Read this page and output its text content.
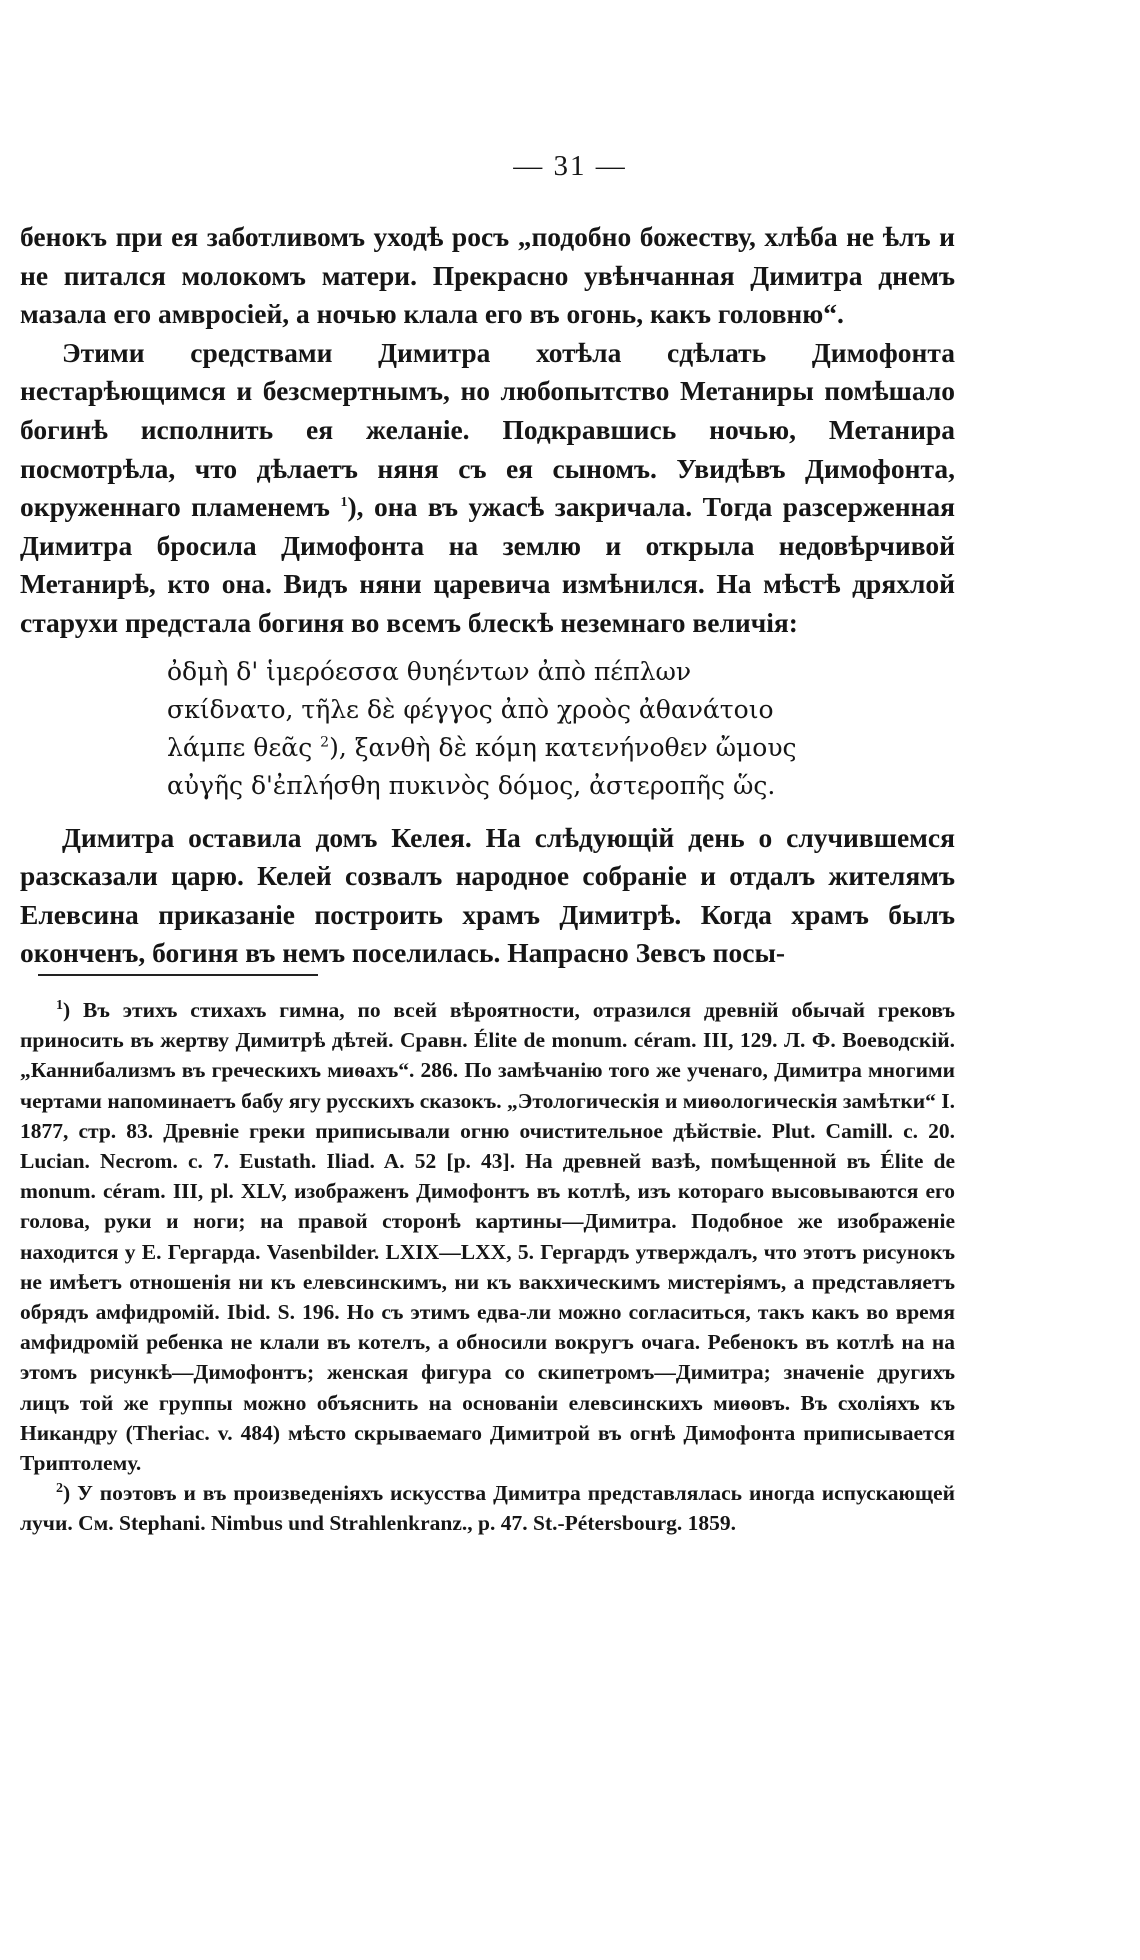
— 31 —

бенокъ при ея заботливомъ уходѣ росъ „подобно божеству, хлѣба не ѣлъ и не питался молокомъ матери. Прекрасно увѣнчанная Димитра днемъ мазала его амвросiей, а ночью клала его въ огонь, какъ головню“.

Этими средствами Димитра хотѣла сдѣлать Димофонта нестарѣющимся и безсмертнымъ, но любопытство Метаниры помѣшало богинѣ исполнить ея желанiе. Подкравшись ночью, Метанира посмотрѣла, что дѣлаетъ няня съ ея сыномъ. Увидѣвъ Димофонта, окруженнаго пламенемъ $^1$), она въ ужасѣ закричала. Тогда разсерженная Димитра бросила Димофонта на землю и открыла недовѣрчивой Метанирѣ, кто она. Видъ няни царевича измѣнился. На мѣстѣ дряхлой старухи предстала богиня во всемъ блескѣ неземнаго величiя:

ὀδμὴ δ' ἱμερόεσσα θυηέντων ἀπὸ πέπλων
σκίδνατο, τῆλε δὲ φέγγος ἀπὸ χροὸς ἀθανάτοιο
λάμπε θεᾶς $^2$), ξανθὴ δὲ κόμη κατενήνοθεν ὤμους
αὐγῆς δ'ἐπλήσθη πυκινὸς δόμος, ἀστεροπῆς ὥς.

Димитра оставила домъ Келея. На слѣдующiй день о случившемся разсказали царю. Келей созвалъ народное собранiе и отдалъ жителямъ Елевсина приказанiе построить храмъ Димитрѣ. Когда храмъ былъ оконченъ, богиня въ немъ поселилась. Напрасно Зевсъ посы-

$^1$) Въ этихъ стихахъ гимна, по всей вѣроятности, отразился древнiй обычай грековъ приносить въ жертву Димитрѣ дѣтей. Сравн. Élite de monum. céram. III, 129. Л. Ф. Воеводскiй. „Каннибализмъ въ греческихъ миѳахъ“. 286. По замѣчанiю того же ученаго, Димитра многими чертами напоминаетъ бабу ягу русскихъ сказокъ. „Этологическiя и миѳологическiя замѣтки“ I. 1877, стр. 83. Древнiе греки приписывали огню очистительное дѣйствiе. Plut. Camill. c. 20. Lucian. Necrom. c. 7. Eustath. Iliad. A. 52 [p. 43]. На древней вазѣ, помѣщенной въ Élite de monum. céram. III, pl. XLV, изображенъ Димофонтъ въ котлѣ, изъ котораго высовываются его голова, руки и ноги; на правой сторонѣ картины—Димитра. Подобное же изображенiе находится у Е. Гергарда. Vasenbilder. LXIX—LXX, 5. Гергардъ утверждалъ, что этотъ рисунокъ не имѣетъ отношенiя ни къ елевсинскимъ, ни къ вакхическимъ мистерiямъ, а представляетъ обрядъ амфидромiй. Ibid. S. 196. Но съ этимъ едва-ли можно согласиться, такъ какъ во время амфидромiй ребенка не клали въ котелъ, а обносили вокругъ очага. Ребенокъ въ котлѣ на на этомъ рисункѣ—Димофонтъ; женская фигура со скипетромъ—Димитра; значенiе другихъ лицъ той же группы можно объяснить на основанiи елевсинскихъ миѳовъ. Въ схолiяхъ къ Никандру (Theriac. v. 484) мѣсто скрываемаго Димитрой въ огнѣ Димофонта приписывается Триптолему.

$^2$) У поэтовъ и въ произведенiяхъ искусства Димитра представлялась иногда испускающей лучи. См. Stephani. Nimbus und Strahlenkranz., p. 47. St.-Pétersbourg. 1859.
